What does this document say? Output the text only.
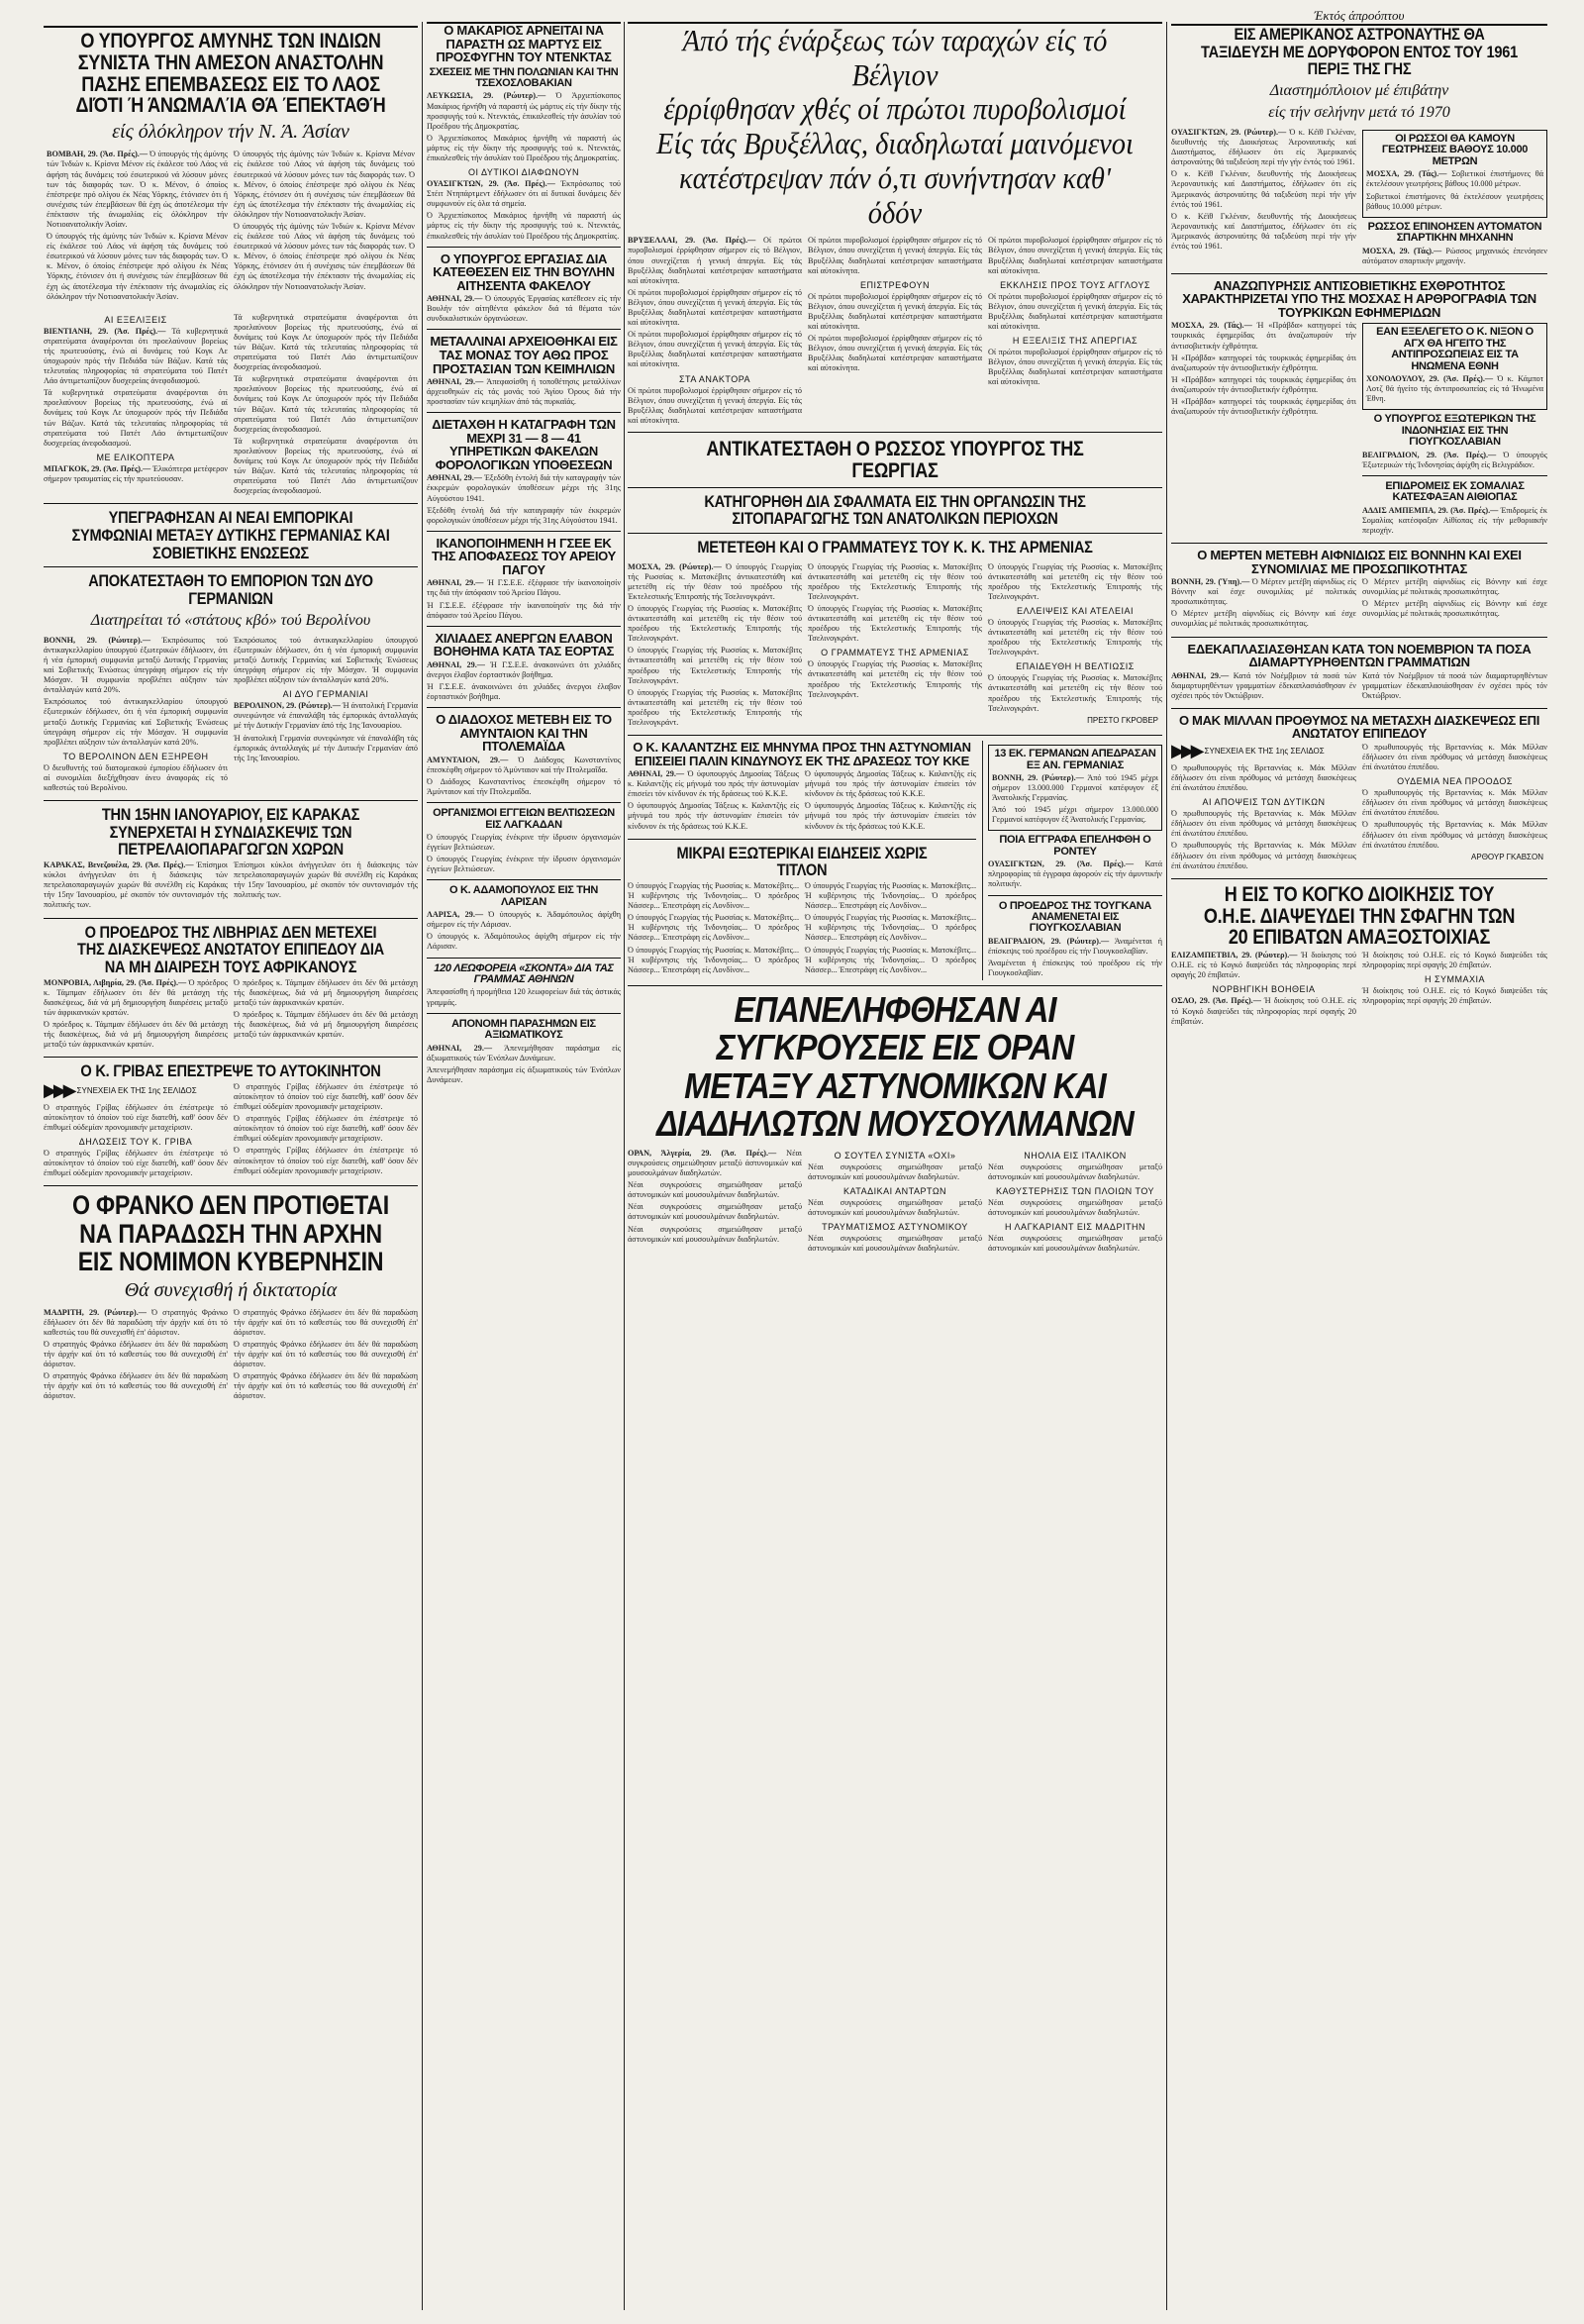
Ο ΥΠΟΥΡΓΟΣ ΑΜΥΝΗΣ ΤΩΝ ΙΝΔΙΩΝ ΣΥΝΙΣΤΑ ΤΗΝ ΑΜΕΣΟΝ ΑΝΑΣΤΟΛΗΝ ΠΑΣΗΣ ΕΠΕΜΒΑΣΕΩΣ ΕΙΣ ΤΟ ΛΑΟΣ ΔΙΌΤΙ Ή ΆΝΩΜΑΛΊΑ ΘΆ ΈΠΕΚΤΑΘΉ
είς όλόκληρον τήν Ν. Ά. Άσίαν

ΒΟΜΒΑΗ, 29. (Άσ. Πρές).— Ό ύπουργός τής άμύνης τών Ίνδιών κ. Κρίσνα Μένον είς έκάλεσε τού Λάος νά άφήση τάς δυνάμεις τού έσωτερικού νά λύσουν μόνες των τάς διαφοράς των. Ό κ. Μένον, ό όποίος έπέστρεψε πρό ολίγου έκ Νέας Υόρκης, έτόνισεν ότι ή συνέχισις τών έπεμβάσεων θά έχη ώς άποτέλεσμα τήν έπέκτασιν τής άνωμαλίας είς όλόκληρον τήν Νοτιοανατολικήν Άσίαν.

Ό ύπουργός τής άμύνης τών Ίνδιών κ. Κρίσνα Μένον είς έκάλεσε τού Λάος νά άφήση τάς δυνάμεις τού έσωτερικού νά λύσουν μόνες των τάς διαφοράς των. Ό κ. Μένον, ό όποίος έπέστρεψε πρό ολίγου έκ Νέας Υόρκης, έτόνισεν ότι ή συνέχισις τών έπεμβάσεων θά έχη ώς άποτέλεσμα τήν έπέκτασιν τής άνωμαλίας είς όλόκληρον τήν Νοτιοανατολικήν Άσίαν.

Ό ύπουργός τής άμύνης τών Ίνδιών κ. Κρίσνα Μένον είς έκάλεσε τού Λάος νά άφήση τάς δυνάμεις τού έσωτερικού νά λύσουν μόνες των τάς διαφοράς των. Ό κ. Μένον, ό όποίος έπέστρεψε πρό ολίγου έκ Νέας Υόρκης, έτόνισεν ότι ή συνέχισις τών έπεμβάσεων θά έχη ώς άποτέλεσμα τήν έπέκτασιν τής άνωμαλίας είς όλόκληρον τήν Νοτιοανατολικήν Άσίαν.

Ό ύπουργός τής άμύνης τών Ίνδιών κ. Κρίσνα Μένον είς έκάλεσε τού Λάος νά άφήση τάς δυνάμεις τού έσωτερικού νά λύσουν μόνες των τάς διαφοράς των. Ό κ. Μένον, ό όποίος έπέστρεψε πρό ολίγου έκ Νέας Υόρκης, έτόνισεν ότι ή συνέχισις τών έπεμβάσεων θά έχη ώς άποτέλεσμα τήν έπέκτασιν τής άνωμαλίας είς όλόκληρον τήν Νοτιοανατολικήν Άσίαν.

ΑΙ ΕΞΕΛΙΞΕΙΣ

ΒΙΕΝΤΙΑΝΗ, 29. (Άσ. Πρές).— Τά κυβερνητικά στρατεύματα άναφέρονται ότι προελαύνουν βορείως τής πρωτευούσης, ένώ αί δυνάμεις τού Κογκ Λε ύποχωρούν πρός τήν Πεδιάδα τών Βάζων. Κατά τάς τελευταίας πληροφορίας τά στρατεύματα τού Πατέτ Λάο άντιμετωπίζουν δυσχερείας άνεφοδιασμού.

Τά κυβερνητικά στρατεύματα άναφέρονται ότι προελαύνουν βορείως τής πρωτευούσης, ένώ αί δυνάμεις τού Κογκ Λε ύποχωρούν πρός τήν Πεδιάδα τών Βάζων. Κατά τάς τελευταίας πληροφορίας τά στρατεύματα τού Πατέτ Λάο άντιμετωπίζουν δυσχερείας άνεφοδιασμού.

ΜΕ ΕΛΙΚΟΠΤΕΡΑ

ΜΠΑΓΚΟΚ, 29. (Άσ. Πρές).— Έλικόπτερα μετέφερον σήμερον τραυματίας είς τήν πρωτεύουσαν.

Τά κυβερνητικά στρατεύματα άναφέρονται ότι προελαύνουν βορείως τής πρωτευούσης, ένώ αί δυνάμεις τού Κογκ Λε ύποχωρούν πρός τήν Πεδιάδα τών Βάζων. Κατά τάς τελευταίας πληροφορίας τά στρατεύματα τού Πατέτ Λάο άντιμετωπίζουν δυσχερείας άνεφοδιασμού.

Τά κυβερνητικά στρατεύματα άναφέρονται ότι προελαύνουν βορείως τής πρωτευούσης, ένώ αί δυνάμεις τού Κογκ Λε ύποχωρούν πρός τήν Πεδιάδα τών Βάζων. Κατά τάς τελευταίας πληροφορίας τά στρατεύματα τού Πατέτ Λάο άντιμετωπίζουν δυσχερείας άνεφοδιασμού.

Τά κυβερνητικά στρατεύματα άναφέρονται ότι προελαύνουν βορείως τής πρωτευούσης, ένώ αί δυνάμεις τού Κογκ Λε ύποχωρούν πρός τήν Πεδιάδα τών Βάζων. Κατά τάς τελευταίας πληροφορίας τά στρατεύματα τού Πατέτ Λάο άντιμετωπίζουν δυσχερείας άνεφοδιασμού.

ΥΠΕΓΡΑΦΗΣΑΝ ΑΙ ΝΕΑΙ ΕΜΠΟΡΙΚΑΙ ΣΥΜΦΩΝΙΑΙ ΜΕΤΑΞΥ ΔΥΤΙΚΗΣ ΓΕΡΜΑΝΙΑΣ ΚΑΙ ΣΟΒΙΕΤΙΚΗΣ ΕΝΩΣΕΩΣ
ΑΠΟΚΑΤΕΣΤΑΘΗ ΤΟ ΕΜΠΟΡΙΟΝ ΤΩΝ ΔΥΟ ΓΕΡΜΑΝΙΩΝ
Διατηρείται τό «στάτους κβό» τού Βερολίνου

ΒΟΝΝΗ, 29. (Ρώυτερ).— Έκπρόσωπος τού άντικαγκελλαρίου ύπουργού έξωτερικών έδήλωσεν, ότι ή νέα έμπορική συμφωνία μεταξύ Δυτικής Γερμανίας καί Σοβιετικής Ένώσεως ύπεγράφη σήμερον είς τήν Μόσχαν. Ή συμφωνία προβλέπει αύξησιν τών άνταλλαγών κατά 20%.

Έκπρόσωπος τού άντικαγκελλαρίου ύπουργού έξωτερικών έδήλωσεν, ότι ή νέα έμπορική συμφωνία μεταξύ Δυτικής Γερμανίας καί Σοβιετικής Ένώσεως ύπεγράφη σήμερον είς τήν Μόσχαν. Ή συμφωνία προβλέπει αύξησιν τών άνταλλαγών κατά 20%.

ΤΟ ΒΕΡΟΛΙΝΟΝ ΔΕΝ ΕΞΗΡΕΘΗ

Ό διευθυντής τού διατομεακού έμπορίου έδήλωσεν ότι αί συνομιλίαι διεξήχθησαν άνευ άναφοράς είς τό καθεστώς τού Βερολίνου.

Έκπρόσωπος τού άντικαγκελλαρίου ύπουργού έξωτερικών έδήλωσεν, ότι ή νέα έμπορική συμφωνία μεταξύ Δυτικής Γερμανίας καί Σοβιετικής Ένώσεως ύπεγράφη σήμερον είς τήν Μόσχαν. Ή συμφωνία προβλέπει αύξησιν τών άνταλλαγών κατά 20%.

ΑΙ ΔΥΟ ΓΕΡΜΑΝΙΑΙ

ΒΕΡΟΛΙΝΟΝ, 29. (Ρώυτερ).— Ή άνατολική Γερμανία συνεφώνησε νά έπαναλάβη τάς έμπορικάς άνταλλαγάς μέ τήν Δυτικήν Γερμανίαν άπό τής 1ης Ίανουαρίου.

Ή άνατολική Γερμανία συνεφώνησε νά έπαναλάβη τάς έμπορικάς άνταλλαγάς μέ τήν Δυτικήν Γερμανίαν άπό τής 1ης Ίανουαρίου.

ΤΗΝ 15ΗΝ ΙΑΝΟΥΑΡΙΟΥ, ΕΙΣ ΚΑΡΑΚΑΣ ΣΥΝΕΡΧΕΤΑΙ Η ΣΥΝΔΙΑΣΚΕΨΙΣ ΤΩΝ ΠΕΤΡΕΛΑΙΟΠΑΡΑΓΩΓΩΝ ΧΩΡΩΝ

ΚΑΡΑΚΑΣ, Βενεζουέλα, 29. (Άσ. Πρές).— Έπίσημοι κύκλοι άνήγγειλαν ότι ή διάσκεψις τών πετρελαιοπαραγωγών χωρών θά συνέλθη είς Καράκας τήν 15ην Ίανουαρίου, μέ σκοπόν τόν συντονισμόν τής πολιτικής των.

Έπίσημοι κύκλοι άνήγγειλαν ότι ή διάσκεψις τών πετρελαιοπαραγωγών χωρών θά συνέλθη είς Καράκας τήν 15ην Ίανουαρίου, μέ σκοπόν τόν συντονισμόν τής πολιτικής των.

Ο ΠΡΟΕΔΡΟΣ ΤΗΣ ΛΙΒΗΡΙΑΣ ΔΕΝ ΜΕΤΕΧΕΙ ΤΗΣ ΔΙΑΣΚΕΨΕΩΣ ΑΝΩΤΑΤΟΥ ΕΠΙΠΕΔΟΥ ΔΙΑ ΝΑ ΜΗ ΔΙΑΙΡΕΣΗ ΤΟΥΣ ΑΦΡΙΚΑΝΟΥΣ

ΜΟΝΡΟΒΙΑ, Λιβηρία, 29. (Άσ. Πρές).— Ό πρόεδρος κ. Τάμπμαν έδήλωσεν ότι δέν θά μετάσχη τής διασκέψεως, διά νά μή δημιουργήση διαιρέσεις μεταξύ τών άφρικανικών κρατών.

Ό πρόεδρος κ. Τάμπμαν έδήλωσεν ότι δέν θά μετάσχη τής διασκέψεως, διά νά μή δημιουργήση διαιρέσεις μεταξύ τών άφρικανικών κρατών.

Ό πρόεδρος κ. Τάμπμαν έδήλωσεν ότι δέν θά μετάσχη τής διασκέψεως, διά νά μή δημιουργήση διαιρέσεις μεταξύ τών άφρικανικών κρατών.

Ό πρόεδρος κ. Τάμπμαν έδήλωσεν ότι δέν θά μετάσχη τής διασκέψεως, διά νά μή δημιουργήση διαιρέσεις μεταξύ τών άφρικανικών κρατών.

Ο Κ. ΓΡΙΒΑΣ ΕΠΕΣΤΡΕΨΕ ΤΟ ΑΥΤΟΚΙΝΗΤΟΝ
▶▶▶ ΣΥΝΕΧΕΙΑ ΕΚ ΤΗΣ 1ης ΣΕΛΙΔΟΣ

Ό στρατηγός Γρίβας έδήλωσεν ότι έπέστρεψε τό αύτοκίνητον τό όποίον τού είχε διατεθή, καθ' όσον δέν έπιθυμεί ούδεμίαν προνομιακήν μεταχείρισιν.

ΔΗΛΩΣΕΙΣ ΤΟΥ Κ. ΓΡΙΒΑ

Ό στρατηγός Γρίβας έδήλωσεν ότι έπέστρεψε τό αύτοκίνητον τό όποίον τού είχε διατεθή, καθ' όσον δέν έπιθυμεί ούδεμίαν προνομιακήν μεταχείρισιν.

Ό στρατηγός Γρίβας έδήλωσεν ότι έπέστρεψε τό αύτοκίνητον τό όποίον τού είχε διατεθή, καθ' όσον δέν έπιθυμεί ούδεμίαν προνομιακήν μεταχείρισιν.

Ό στρατηγός Γρίβας έδήλωσεν ότι έπέστρεψε τό αύτοκίνητον τό όποίον τού είχε διατεθή, καθ' όσον δέν έπιθυμεί ούδεμίαν προνομιακήν μεταχείρισιν.

Ό στρατηγός Γρίβας έδήλωσεν ότι έπέστρεψε τό αύτοκίνητον τό όποίον τού είχε διατεθή, καθ' όσον δέν έπιθυμεί ούδεμίαν προνομιακήν μεταχείρισιν.

Ο ΦΡΑΝΚΟ ΔΕΝ ΠΡΟΤΙΘΕΤΑΙ ΝΑ ΠΑΡΑΔΩΣΗ ΤΗΝ ΑΡΧΗΝ ΕΙΣ ΝΟΜΙΜΟΝ ΚΥΒΕΡΝΗΣΙΝ
Θά συνεχισθή ή δικτατορία

ΜΑΔΡΙΤΗ, 29. (Ρώυτερ).— Ό στρατηγός Φράνκο έδήλωσεν ότι δέν θά παραδώση τήν άρχήν καί ότι τό καθεστώς του θά συνεχισθή έπ' άόριστον.

Ό στρατηγός Φράνκο έδήλωσεν ότι δέν θά παραδώση τήν άρχήν καί ότι τό καθεστώς του θά συνεχισθή έπ' άόριστον.

Ό στρατηγός Φράνκο έδήλωσεν ότι δέν θά παραδώση τήν άρχήν καί ότι τό καθεστώς του θά συνεχισθή έπ' άόριστον.

Ό στρατηγός Φράνκο έδήλωσεν ότι δέν θά παραδώση τήν άρχήν καί ότι τό καθεστώς του θά συνεχισθή έπ' άόριστον.

Ό στρατηγός Φράνκο έδήλωσεν ότι δέν θά παραδώση τήν άρχήν καί ότι τό καθεστώς του θά συνεχισθή έπ' άόριστον.

Ό στρατηγός Φράνκο έδήλωσεν ότι δέν θά παραδώση τήν άρχήν καί ότι τό καθεστώς του θά συνεχισθή έπ' άόριστον.

Ο ΜΑΚΑΡΙΟΣ ΑΡΝΕΙΤΑΙ ΝΑ ΠΑΡΑΣΤΗ ΩΣ ΜΑΡΤΥΣ ΕΙΣ ΠΡΟΣΦΥΓΗΝ ΤΟΥ ΝΤΕΝΚΤΑΣ
ΣΧΕΣΕΙΣ ΜΕ ΤΗΝ ΠΟΛΩΝΙΑΝ ΚΑΙ ΤΗΝ ΤΣΕΧΟΣΛΟΒΑΚΙΑΝ

ΛΕΥΚΩΣΙΑ, 29. (Ρώυτερ).— Ό Άρχιεπίσκοπος Μακάριος ήρνήθη νά παραστή ώς μάρτυς είς τήν δίκην τής προσφυγής τού κ. Ντενκτάς, έπικαλεσθείς τήν άσυλίαν τού Προέδρου τής Δημοκρατίας.

Ό Άρχιεπίσκοπος Μακάριος ήρνήθη νά παραστή ώς μάρτυς είς τήν δίκην τής προσφυγής τού κ. Ντενκτάς, έπικαλεσθείς τήν άσυλίαν τού Προέδρου τής Δημοκρατίας.

ΟΙ ΔΥΤΙΚΟΙ ΔΙΑΦΩΝΟΥΝ

ΟΥΑΣΙΓΚΤΩΝ, 29. (Άσ. Πρές).— Έκπρόσωπος τού Στέιτ Ντηπάρτμεντ έδήλωσεν ότι αί δυτικαί δυνάμεις δέν συμφωνούν είς όλα τά σημεία.

Ό Άρχιεπίσκοπος Μακάριος ήρνήθη νά παραστή ώς μάρτυς είς τήν δίκην τής προσφυγής τού κ. Ντενκτάς, έπικαλεσθείς τήν άσυλίαν τού Προέδρου τής Δημοκρατίας.

Ο ΥΠΟΥΡΓΟΣ ΕΡΓΑΣΙΑΣ ΔΙΑ ΚΑΤΕΘΕΣΕΝ ΕΙΣ ΤΗΝ ΒΟΥΛΗΝ ΑΙΤΗΣΕΝΤΑ ΦΑΚΕΛΟΥ

ΑΘΗΝΑΙ, 29.— Ό ύπουργός Έργασίας κατέθεσεν είς τήν Βουλήν τόν αίτηθέντα φάκελον διά τά θέματα τών συνδικαλιστικών όργανώσεων.

ΜΕΤΑΛΛΙΝΑΙ ΑΡΧΕΙΟΘΗΚΑΙ ΕΙΣ ΤΑΣ ΜΟΝΑΣ ΤΟΥ ΑΘΩ ΠΡΟΣ ΠΡΟΣΤΑΣΙΑΝ ΤΩΝ ΚΕΙΜΗΛΙΩΝ

ΑΘΗΝΑΙ, 29.— Άπεφασίσθη ή τοποθέτησις μεταλλίνων άρχειοθηκών είς τάς μονάς τού Άγίου Όρους διά τήν προστασίαν τών κειμηλίων άπό τάς πυρκαϊάς.

ΔΙΕΤΑΧΘΗ Η ΚΑΤΑΓΡΑΦΗ ΤΩΝ ΜΕΧΡΙ 31 — 8 — 41 ΥΠΗΡΕΤΙΚΩΝ ΦΑΚΕΛΩΝ ΦΟΡΟΛΟΓΙΚΩΝ ΥΠΟΘΕΣΕΩΝ

ΑΘΗΝΑΙ, 29.— Έξεδόθη έντολή διά τήν καταγραφήν τών έκκρεμών φορολογικών ύποθέσεων μέχρι τής 31ης Αύγούστου 1941.

Έξεδόθη έντολή διά τήν καταγραφήν τών έκκρεμών φορολογικών ύποθέσεων μέχρι τής 31ης Αύγούστου 1941.

ΙΚΑΝΟΠΟΙΗΜΕΝΗ Η ΓΣΕΕ ΕΚ ΤΗΣ ΑΠΟΦΑΣΕΩΣ ΤΟΥ ΑΡΕΙΟΥ ΠΑΓΟΥ

ΑΘΗΝΑΙ, 29.— Ή Γ.Σ.Ε.Ε. έξέφρασε τήν ίκανοποίησίν της διά τήν άπόφασιν τού Άρείου Πάγου.

Ή Γ.Σ.Ε.Ε. έξέφρασε τήν ίκανοποίησίν της διά τήν άπόφασιν τού Άρείου Πάγου.

ΧΙΛΙΑΔΕΣ ΑΝΕΡΓΩΝ ΕΛΑΒΟΝ ΒΟΗΘΗΜΑ ΚΑΤΑ ΤΑΣ ΕΟΡΤΑΣ

ΑΘΗΝΑΙ, 29.— Ή Γ.Σ.Ε.Ε. άνακοινώνει ότι χιλιάδες άνεργοι έλαβον έορταστικόν βοήθημα.

Ή Γ.Σ.Ε.Ε. άνακοινώνει ότι χιλιάδες άνεργοι έλαβον έορταστικόν βοήθημα.

Ο ΔΙΑΔΟΧΟΣ ΜΕΤΕΒΗ ΕΙΣ ΤΟ ΑΜΥΝΤΑΙΟΝ ΚΑΙ ΤΗΝ ΠΤΟΛΕΜΑΪΔΑ

ΑΜΥΝΤΑΙΟΝ, 29.— Ό Διάδοχος Κωνσταντίνος έπεσκέφθη σήμερον τό Άμύνταιον καί τήν Πτολεμαΐδα.

Ό Διάδοχος Κωνσταντίνος έπεσκέφθη σήμερον τό Άμύνταιον καί τήν Πτολεμαΐδα.

ΟΡΓΑΝΙΣΜΟΙ ΕΓΓΕΙΩΝ ΒΕΛΤΙΩΣΕΩΝ ΕΙΣ ΛΑΓΚΑΔΑΝ

Ό ύπουργός Γεωργίας ένέκρινε τήν ίδρυσιν όργανισμών έγγείων βελτιώσεων.

Ό ύπουργός Γεωργίας ένέκρινε τήν ίδρυσιν όργανισμών έγγείων βελτιώσεων.

Ο Κ. ΑΔΑΜΟΠΟΥΛΟΣ ΕΙΣ ΤΗΝ ΛΑΡΙΣΑΝ

ΛΑΡΙΣΑ, 29.— Ό ύπουργός κ. Άδαμόπουλος άφίχθη σήμερον είς τήν Λάρισαν.

Ό ύπουργός κ. Άδαμόπουλος άφίχθη σήμερον είς τήν Λάρισαν.

120 ΛΕΩΦΟΡΕΙΑ «ΣΚΟΝΤΑ» ΔΙΑ ΤΑΣ ΓΡΑΜΜΑΣ ΑΘΗΝΩΝ

Άπεφασίσθη ή προμήθεια 120 λεωφορείων διά τάς άστικάς γραμμάς.

ΑΠΟΝΟΜΗ ΠΑΡΑΣΗΜΩΝ ΕΙΣ ΑΞΙΩΜΑΤΙΚΟΥΣ

ΑΘΗΝΑΙ, 29.— Άπενεμήθησαν παράσημα είς άξιωματικούς τών Ένόπλων Δυνάμεων.

Άπενεμήθησαν παράσημα είς άξιωματικούς τών Ένόπλων Δυνάμεων.

Άπό τής ένάρξεως τών ταραχών είς τό Βέλγιον
έρρίφθησαν χθές οί πρώτοι πυροβολισμοί
Είς τάς Βρυξέλλας, διαδηλωταί μαινόμενοι
κατέστρεψαν πάν ό,τι συνήντησαν καθ' όδόν

ΒΡΥΞΕΛΛΑΙ, 29. (Άσ. Πρές).— Οί πρώτοι πυροβολισμοί έρρίφθησαν σήμερον είς τό Βέλγιον, όπου συνεχίζεται ή γενική άπεργία. Είς τάς Βρυξέλλας διαδηλωταί κατέστρεψαν καταστήματα καί αύτοκίνητα.

Οί πρώτοι πυροβολισμοί έρρίφθησαν σήμερον είς τό Βέλγιον, όπου συνεχίζεται ή γενική άπεργία. Είς τάς Βρυξέλλας διαδηλωταί κατέστρεψαν καταστήματα καί αύτοκίνητα.

Οί πρώτοι πυροβολισμοί έρρίφθησαν σήμερον είς τό Βέλγιον, όπου συνεχίζεται ή γενική άπεργία. Είς τάς Βρυξέλλας διαδηλωταί κατέστρεψαν καταστήματα καί αύτοκίνητα.

ΣΤΑ ΑΝΑΚΤΟΡΑ

Οί πρώτοι πυροβολισμοί έρρίφθησαν σήμερον είς τό Βέλγιον, όπου συνεχίζεται ή γενική άπεργία. Είς τάς Βρυξέλλας διαδηλωταί κατέστρεψαν καταστήματα καί αύτοκίνητα.

Οί πρώτοι πυροβολισμοί έρρίφθησαν σήμερον είς τό Βέλγιον, όπου συνεχίζεται ή γενική άπεργία. Είς τάς Βρυξέλλας διαδηλωταί κατέστρεψαν καταστήματα καί αύτοκίνητα.

ΕΠΙΣΤΡΕΦΟΥΝ

Οί πρώτοι πυροβολισμοί έρρίφθησαν σήμερον είς τό Βέλγιον, όπου συνεχίζεται ή γενική άπεργία. Είς τάς Βρυξέλλας διαδηλωταί κατέστρεψαν καταστήματα καί αύτοκίνητα.

Οί πρώτοι πυροβολισμοί έρρίφθησαν σήμερον είς τό Βέλγιον, όπου συνεχίζεται ή γενική άπεργία. Είς τάς Βρυξέλλας διαδηλωταί κατέστρεψαν καταστήματα καί αύτοκίνητα.

Οί πρώτοι πυροβολισμοί έρρίφθησαν σήμερον είς τό Βέλγιον, όπου συνεχίζεται ή γενική άπεργία. Είς τάς Βρυξέλλας διαδηλωταί κατέστρεψαν καταστήματα καί αύτοκίνητα.

ΕΚΚΛΗΣΙΣ ΠΡΟΣ ΤΟΥΣ ΑΓΓΛΟΥΣ

Οί πρώτοι πυροβολισμοί έρρίφθησαν σήμερον είς τό Βέλγιον, όπου συνεχίζεται ή γενική άπεργία. Είς τάς Βρυξέλλας διαδηλωταί κατέστρεψαν καταστήματα καί αύτοκίνητα.

Η ΕΞΕΛΙΞΙΣ ΤΗΣ ΑΠΕΡΓΙΑΣ

Οί πρώτοι πυροβολισμοί έρρίφθησαν σήμερον είς τό Βέλγιον, όπου συνεχίζεται ή γενική άπεργία. Είς τάς Βρυξέλλας διαδηλωταί κατέστρεψαν καταστήματα καί αύτοκίνητα.

ΑΝΤΙΚΑΤΕΣΤΑΘΗ Ο ΡΩΣΣΟΣ ΥΠΟΥΡΓΟΣ ΤΗΣ ΓΕΩΡΓΙΑΣ
ΚΑΤΗΓΟΡΗΘΗ ΔΙΑ ΣΦΑΛΜΑΤΑ ΕΙΣ ΤΗΝ ΟΡΓΑΝΩΣΙΝ ΤΗΣ ΣΙΤΟΠΑΡΑΓΩΓΗΣ ΤΩΝ ΑΝΑΤΟΛΙΚΩΝ ΠΕΡΙΟΧΩΝ
ΜΕΤΕΤΕΘΗ ΚΑΙ Ο ΓΡΑΜΜΑΤΕΥΣ ΤΟΥ Κ. Κ. ΤΗΣ ΑΡΜΕΝΙΑΣ

ΜΟΣΧΑ, 29. (Ρώυτερ).— Ό ύπουργός Γεωργίας τής Ρωσσίας κ. Ματσκέβιτς άντικατεστάθη καί μετετέθη είς τήν θέσιν τού προέδρου τής Έκτελεστικής Έπιτροπής τής Τσελινογκράντ.

Ό ύπουργός Γεωργίας τής Ρωσσίας κ. Ματσκέβιτς άντικατεστάθη καί μετετέθη είς τήν θέσιν τού προέδρου τής Έκτελεστικής Έπιτροπής τής Τσελινογκράντ.

Ό ύπουργός Γεωργίας τής Ρωσσίας κ. Ματσκέβιτς άντικατεστάθη καί μετετέθη είς τήν θέσιν τού προέδρου τής Έκτελεστικής Έπιτροπής τής Τσελινογκράντ.

Ό ύπουργός Γεωργίας τής Ρωσσίας κ. Ματσκέβιτς άντικατεστάθη καί μετετέθη είς τήν θέσιν τού προέδρου τής Έκτελεστικής Έπιτροπής τής Τσελινογκράντ.

Ό ύπουργός Γεωργίας τής Ρωσσίας κ. Ματσκέβιτς άντικατεστάθη καί μετετέθη είς τήν θέσιν τού προέδρου τής Έκτελεστικής Έπιτροπής τής Τσελινογκράντ.

Ό ύπουργός Γεωργίας τής Ρωσσίας κ. Ματσκέβιτς άντικατεστάθη καί μετετέθη είς τήν θέσιν τού προέδρου τής Έκτελεστικής Έπιτροπής τής Τσελινογκράντ.

Ο ΓΡΑΜΜΑΤΕΥΣ ΤΗΣ ΑΡΜΕΝΙΑΣ

Ό ύπουργός Γεωργίας τής Ρωσσίας κ. Ματσκέβιτς άντικατεστάθη καί μετετέθη είς τήν θέσιν τού προέδρου τής Έκτελεστικής Έπιτροπής τής Τσελινογκράντ.

Ό ύπουργός Γεωργίας τής Ρωσσίας κ. Ματσκέβιτς άντικατεστάθη καί μετετέθη είς τήν θέσιν τού προέδρου τής Έκτελεστικής Έπιτροπής τής Τσελινογκράντ.

ΕΛΛΕΙΨΕΙΣ ΚΑΙ ΑΤΕΛΕΙΑΙ

Ό ύπουργός Γεωργίας τής Ρωσσίας κ. Ματσκέβιτς άντικατεστάθη καί μετετέθη είς τήν θέσιν τού προέδρου τής Έκτελεστικής Έπιτροπής τής Τσελινογκράντ.

ΕΠΑΙΔΕΥΘΗ Η ΒΕΛΤΙΩΣΙΣ

Ό ύπουργός Γεωργίας τής Ρωσσίας κ. Ματσκέβιτς άντικατεστάθη καί μετετέθη είς τήν θέσιν τού προέδρου τής Έκτελεστικής Έπιτροπής τής Τσελινογκράντ.

ΠΡΕΣΤΟ ΓΚΡΟΒΕΡ
Ο Κ. ΚΑΛΑΝΤΖΗΣ ΕΙΣ ΜΗΝΥΜΑ ΠΡΟΣ ΤΗΝ ΑΣΤΥΝΟΜΙΑΝ ΕΠΙΣΕΙΕΙ ΠΑΛΙΝ ΚΙΝΔΥΝΟΥΣ ΕΚ ΤΗΣ ΔΡΑΣΕΩΣ ΤΟΥ ΚΚΕ

ΑΘΗΝΑΙ, 29.— Ό ύφυπουργός Δημοσίας Τάξεως κ. Καλαντζής είς μήνυμά του πρός τήν άστυνομίαν έπισείει τόν κίνδυνον έκ τής δράσεως τού Κ.Κ.Ε.

Ό ύφυπουργός Δημοσίας Τάξεως κ. Καλαντζής είς μήνυμά του πρός τήν άστυνομίαν έπισείει τόν κίνδυνον έκ τής δράσεως τού Κ.Κ.Ε.

Ό ύφυπουργός Δημοσίας Τάξεως κ. Καλαντζής είς μήνυμά του πρός τήν άστυνομίαν έπισείει τόν κίνδυνον έκ τής δράσεως τού Κ.Κ.Ε.

Ό ύφυπουργός Δημοσίας Τάξεως κ. Καλαντζής είς μήνυμά του πρός τήν άστυνομίαν έπισείει τόν κίνδυνον έκ τής δράσεως τού Κ.Κ.Ε.

ΜΙΚΡΑΙ ΕΞΩΤΕΡΙΚΑΙ ΕΙΔΗΣΕΙΣ ΧΩΡΙΣ ΤΙΤΛΟΝ

Ό ύπουργός Γεωργίας τής Ρωσσίας κ. Ματσκέβιτς... Ή κυβέρνησις τής Ίνδονησίας... Ό πρόεδρος Νάσσερ... Έπεστράφη είς Λονδίνον...

Ό ύπουργός Γεωργίας τής Ρωσσίας κ. Ματσκέβιτς... Ή κυβέρνησις τής Ίνδονησίας... Ό πρόεδρος Νάσσερ... Έπεστράφη είς Λονδίνον...

Ό ύπουργός Γεωργίας τής Ρωσσίας κ. Ματσκέβιτς... Ή κυβέρνησις τής Ίνδονησίας... Ό πρόεδρος Νάσσερ... Έπεστράφη είς Λονδίνον...

Ό ύπουργός Γεωργίας τής Ρωσσίας κ. Ματσκέβιτς... Ή κυβέρνησις τής Ίνδονησίας... Ό πρόεδρος Νάσσερ... Έπεστράφη είς Λονδίνον...

Ό ύπουργός Γεωργίας τής Ρωσσίας κ. Ματσκέβιτς... Ή κυβέρνησις τής Ίνδονησίας... Ό πρόεδρος Νάσσερ... Έπεστράφη είς Λονδίνον...

Ό ύπουργός Γεωργίας τής Ρωσσίας κ. Ματσκέβιτς... Ή κυβέρνησις τής Ίνδονησίας... Ό πρόεδρος Νάσσερ... Έπεστράφη είς Λονδίνον...

13 ΕΚ. ΓΕΡΜΑΝΩΝ ΑΠΕΔΡΑΣΑΝ ΕΞ ΑΝ. ΓΕΡΜΑΝΙΑΣ

ΒΟΝΝΗ, 29. (Ρώυτερ).— Άπό τού 1945 μέχρι σήμερον 13.000.000 Γερμανοί κατέφυγον έξ Άνατολικής Γερμανίας.

Άπό τού 1945 μέχρι σήμερον 13.000.000 Γερμανοί κατέφυγον έξ Άνατολικής Γερμανίας.

ΠΟΙΑ ΕΓΓΡΑΦΑ ΕΠΕΛΗΦΘΗ Ο ΡΟΝΤΕΥ

ΟΥΑΣΙΓΚΤΩΝ, 29. (Άσ. Πρές).— Κατά πληροφορίας τά έγγραφα άφορούν είς τήν άμυντικήν πολιτικήν.

Ο ΠΡΟΕΔΡΟΣ ΤΗΣ ΤΟΥΓΚΑΝΑ ΑΝΑΜΕΝΕΤΑΙ ΕΙΣ ΓΙΟΥΓΚΟΣΛΑΒΙΑΝ

ΒΕΛΙΓΡΑΔΙΟΝ, 29. (Ρώυτερ).— Άναμένεται ή έπίσκεψις τού προέδρου είς τήν Γιουγκοσλαβίαν.

Άναμένεται ή έπίσκεψις τού προέδρου είς τήν Γιουγκοσλαβίαν.

ΕΠΑΝΕΛΗΦΘΗΣΑΝ ΑΙ ΣΥΓΚΡΟΥΣΕΙΣ ΕΙΣ ΟΡΑΝ ΜΕΤΑΞΥ ΑΣΤΥΝΟΜΙΚΩΝ ΚΑΙ ΔΙΑΔΗΛΩΤΩΝ ΜΟΥΣΟΥΛΜΑΝΩΝ

ΟΡΑΝ, Άλγερία, 29. (Άσ. Πρές).— Νέαι συγκρούσεις σημειώθησαν μεταξύ άστυνομικών καί μουσουλμάνων διαδηλωτών.

Νέαι συγκρούσεις σημειώθησαν μεταξύ άστυνομικών καί μουσουλμάνων διαδηλωτών.

Νέαι συγκρούσεις σημειώθησαν μεταξύ άστυνομικών καί μουσουλμάνων διαδηλωτών.

Νέαι συγκρούσεις σημειώθησαν μεταξύ άστυνομικών καί μουσουλμάνων διαδηλωτών.

Ο ΣΟΥΤΕΛ ΣΥΝΙΣΤΑ «ΟΧΙ»

Νέαι συγκρούσεις σημειώθησαν μεταξύ άστυνομικών καί μουσουλμάνων διαδηλωτών.

ΚΑΤΑΔΙΚΑΙ ΑΝΤΑΡΤΩΝ

Νέαι συγκρούσεις σημειώθησαν μεταξύ άστυνομικών καί μουσουλμάνων διαδηλωτών.

ΤΡΑΥΜΑΤΙΣΜΟΣ ΑΣΤΥΝΟΜΙΚΟΥ

Νέαι συγκρούσεις σημειώθησαν μεταξύ άστυνομικών καί μουσουλμάνων διαδηλωτών.

ΝΗΟΛΙΑ ΕΙΣ ΙΤΑΛΙΚΟΝ

Νέαι συγκρούσεις σημειώθησαν μεταξύ άστυνομικών καί μουσουλμάνων διαδηλωτών.

ΚΑΘΥΣΤΕΡΗΣΙΣ ΤΩΝ ΠΛΟΙΩΝ ΤΟΥ

Νέαι συγκρούσεις σημειώθησαν μεταξύ άστυνομικών καί μουσουλμάνων διαδηλωτών.

Η ΛΑΓΚΑΡΙΑΝΤ ΕΙΣ ΜΑΔΡΙΤΗΝ

Νέαι συγκρούσεις σημειώθησαν μεταξύ άστυνομικών καί μουσουλμάνων διαδηλωτών.

Έκτός άπροόπτου

ΕΙΣ ΑΜΕΡΙΚΑΝΟΣ ΑΣΤΡΟΝΑΥΤΗΣ ΘΑ ΤΑΞΙΔΕΥΣΗ ΜΕ ΔΟΡΥΦΟΡΟΝ ΕΝΤΟΣ ΤΟΥ 1961 ΠΕΡΙΞ ΤΗΣ ΓΗΣ
Διαστημόπλοιον μέ έπιβάτην
είς τήν σελήνην μετά τό 1970

ΟΥΑΣΙΓΚΤΩΝ, 29. (Ρώυτερ).— Ό κ. Κέϊθ Γκλέναν, διευθυντής τής Διοικήσεως Άεροναυτικής καί Διαστήματος, έδήλωσεν ότι είς Άμερικανός άστροναύτης θά ταξιδεύση περί τήν γήν έντός τού 1961.

Ό κ. Κέϊθ Γκλέναν, διευθυντής τής Διοικήσεως Άεροναυτικής καί Διαστήματος, έδήλωσεν ότι είς Άμερικανός άστροναύτης θά ταξιδεύση περί τήν γήν έντός τού 1961.

Ό κ. Κέϊθ Γκλέναν, διευθυντής τής Διοικήσεως Άεροναυτικής καί Διαστήματος, έδήλωσεν ότι είς Άμερικανός άστροναύτης θά ταξιδεύση περί τήν γήν έντός τού 1961.

ΟΙ ΡΩΣΣΟΙ ΘΑ ΚΑΜΟΥΝ ΓΕΩΤΡΗΣΕΙΣ ΒΑΘΟΥΣ 10.000 ΜΕΤΡΩΝ

ΜΟΣΧΑ, 29. (Τάς).— Σοβιετικοί έπιστήμονες θά έκτελέσουν γεωτρήσεις βάθους 10.000 μέτρων.

Σοβιετικοί έπιστήμονες θά έκτελέσουν γεωτρήσεις βάθους 10.000 μέτρων.

ΡΩΣΣΟΣ ΕΠΙΝΟΗΣΕΝ ΑΥΤΟΜΑΤΟΝ ΣΠΑΡΤΙΚΗΝ ΜΗΧΑΝΗΝ

ΜΟΣΧΑ, 29. (Τάς).— Ρώσσος μηχανικός έπενόησεν αύτόματον σπαρτικήν μηχανήν.

ΑΝΑΖΩΠΥΡΗΣΙΣ ΑΝΤΙΣΟΒΙΕΤΙΚΗΣ ΕΧΘΡΟΤΗΤΟΣ ΧΑΡΑΚΤΗΡΙΖΕΤΑΙ ΥΠΟ ΤΗΣ ΜΟΣΧΑΣ Η ΑΡΘΡΟΓΡΑΦΙΑ ΤΩΝ ΤΟΥΡΚΙΚΩΝ ΕΦΗΜΕΡΙΔΩΝ

ΜΟΣΧΑ, 29. (Τάς).— Ή «Πράβδα» κατηγορεί τάς τουρκικάς έφημερίδας ότι άναζωπυρούν τήν άντισοβιετικήν έχθρότητα.

Ή «Πράβδα» κατηγορεί τάς τουρκικάς έφημερίδας ότι άναζωπυρούν τήν άντισοβιετικήν έχθρότητα.

Ή «Πράβδα» κατηγορεί τάς τουρκικάς έφημερίδας ότι άναζωπυρούν τήν άντισοβιετικήν έχθρότητα.

Ή «Πράβδα» κατηγορεί τάς τουρκικάς έφημερίδας ότι άναζωπυρούν τήν άντισοβιετικήν έχθρότητα.

ΕΑΝ ΕΞΕΛΕΓΕΤΟ Ο Κ. ΝΙΞΟΝ Ο ΑΓΧ ΘΑ ΗΓΕΙΤΟ ΤΗΣ ΑΝΤΙΠΡΟΣΩΠΕΙΑΣ ΕΙΣ ΤΑ ΗΝΩΜΕΝΑ ΕΘΝΗ

ΧΟΝΟΛΟΥΛΟΥ, 29. (Άσ. Πρές).— Ό κ. Κάμποτ Λοτζ θά ήγείτο τής άντιπροσωπείας είς τά Ήνωμένα Έθνη.

Ο ΥΠΟΥΡΓΟΣ ΕΞΩΤΕΡΙΚΩΝ ΤΗΣ ΙΝΔΟΝΗΣΙΑΣ ΕΙΣ ΤΗΝ ΓΙΟΥΓΚΟΣΛΑΒΙΑΝ

ΒΕΛΙΓΡΑΔΙΟΝ, 29. (Άσ. Πρές).— Ό ύπουργός Έξωτερικών τής Ίνδονησίας άφίχθη είς Βελιγράδιον.

ΕΠΙΔΡΟΜΕΙΣ ΕΚ ΣΟΜΑΛΙΑΣ ΚΑΤΕΣΦΑΞΑΝ ΑΙΘΙΟΠΑΣ

ΑΔΔΙΣ ΑΜΠΕΜΠΑ, 29. (Άσ. Πρές).— Έπιδρομείς έκ Σομαλίας κατέσφαξαν Αίθίοπας είς τήν μεθοριακήν περιοχήν.

Ο ΜΕΡΤΕΝ ΜΕΤΕΒΗ ΑΙΦΝΙΔΙΩΣ ΕΙΣ ΒΟΝΝΗΝ ΚΑΙ ΕΧΕΙ ΣΥΝΟΜΙΛΙΑΣ ΜΕ ΠΡΟΣΩΠΙΚΟΤΗΤΑΣ

ΒΟΝΝΗ, 29. (Ύπη).— Ό Μέρτεν μετέβη αίφνιδίως είς Βόννην καί έσχε συνομιλίας μέ πολιτικάς προσωπικότητας.

Ό Μέρτεν μετέβη αίφνιδίως είς Βόννην καί έσχε συνομιλίας μέ πολιτικάς προσωπικότητας.

Ό Μέρτεν μετέβη αίφνιδίως είς Βόννην καί έσχε συνομιλίας μέ πολιτικάς προσωπικότητας.

Ό Μέρτεν μετέβη αίφνιδίως είς Βόννην καί έσχε συνομιλίας μέ πολιτικάς προσωπικότητας.

ΕΔΕΚΑΠΛΑΣΙΑΣΘΗΣΑΝ ΚΑΤΑ ΤΟΝ ΝΟΕΜΒΡΙΟΝ ΤΑ ΠΟΣΑ ΔΙΑΜΑΡΤΥΡΗΘΕΝΤΩΝ ΓΡΑΜΜΑΤΙΩΝ

ΑΘΗΝΑΙ, 29.— Κατά τόν Νοέμβριον τά ποσά τών διαμαρτυρηθέντων γραμματίων έδεκαπλασιάσθησαν έν σχέσει πρός τόν Όκτώβριον.

Κατά τόν Νοέμβριον τά ποσά τών διαμαρτυρηθέντων γραμματίων έδεκαπλασιάσθησαν έν σχέσει πρός τόν Όκτώβριον.

Ο ΜΑΚ ΜΙΛΛΑΝ ΠΡΟΘΥΜΟΣ ΝΑ ΜΕΤΑΣΧΗ ΔΙΑΣΚΕΨΕΩΣ ΕΠΙ ΑΝΩΤΑΤΟΥ ΕΠΙΠΕΔΟΥ
▶▶▶ ΣΥΝΕΧΕΙΑ ΕΚ ΤΗΣ 1ης ΣΕΛΙΔΟΣ

Ό πρωθυπουργός τής Βρεταννίας κ. Μάκ Μίλλαν έδήλωσεν ότι είναι πρόθυμος νά μετάσχη διασκέψεως έπί άνωτάτου έπιπέδου.

ΑΙ ΑΠΟΨΕΙΣ ΤΩΝ ΔΥΤΙΚΩΝ

Ό πρωθυπουργός τής Βρεταννίας κ. Μάκ Μίλλαν έδήλωσεν ότι είναι πρόθυμος νά μετάσχη διασκέψεως έπί άνωτάτου έπιπέδου.

Ό πρωθυπουργός τής Βρεταννίας κ. Μάκ Μίλλαν έδήλωσεν ότι είναι πρόθυμος νά μετάσχη διασκέψεως έπί άνωτάτου έπιπέδου.

Ό πρωθυπουργός τής Βρεταννίας κ. Μάκ Μίλλαν έδήλωσεν ότι είναι πρόθυμος νά μετάσχη διασκέψεως έπί άνωτάτου έπιπέδου.

ΟΥΔΕΜΙΑ ΝΕΑ ΠΡΟΟΔΟΣ

Ό πρωθυπουργός τής Βρεταννίας κ. Μάκ Μίλλαν έδήλωσεν ότι είναι πρόθυμος νά μετάσχη διασκέψεως έπί άνωτάτου έπιπέδου.

Ό πρωθυπουργός τής Βρεταννίας κ. Μάκ Μίλλαν έδήλωσεν ότι είναι πρόθυμος νά μετάσχη διασκέψεως έπί άνωτάτου έπιπέδου.

ΑΡΘΟΥΡ ΓΚΑΒΣΟΝ
Η ΕΙΣ ΤΟ ΚΟΓΚΟ ΔΙΟΙΚΗΣΙΣ ΤΟΥ Ο.Η.Ε. ΔΙΑΨΕΥΔΕΙ ΤΗΝ ΣΦΑΓΗΝ ΤΩΝ 20 ΕΠΙΒΑΤΩΝ ΑΜΑΞΟΣΤΟΙΧΙΑΣ

ΕΛΙΖΑΜΠΕΤΒΙΛ, 29. (Ρώυτερ).— Ή διοίκησις τού Ο.Η.Ε. είς τό Κογκό διαψεύδει τάς πληροφορίας περί σφαγής 20 έπιβατών.

ΝΟΡΒΗΓΙΚΗ ΒΟΗΘΕΙΑ

ΟΣΛΟ, 29. (Άσ. Πρές).— Ή διοίκησις τού Ο.Η.Ε. είς τό Κογκό διαψεύδει τάς πληροφορίας περί σφαγής 20 έπιβατών.

Ή διοίκησις τού Ο.Η.Ε. είς τό Κογκό διαψεύδει τάς πληροφορίας περί σφαγής 20 έπιβατών.

Η ΣΥΜΜΑΧΙΑ

Ή διοίκησις τού Ο.Η.Ε. είς τό Κογκό διαψεύδει τάς πληροφορίας περί σφαγής 20 έπιβατών.
